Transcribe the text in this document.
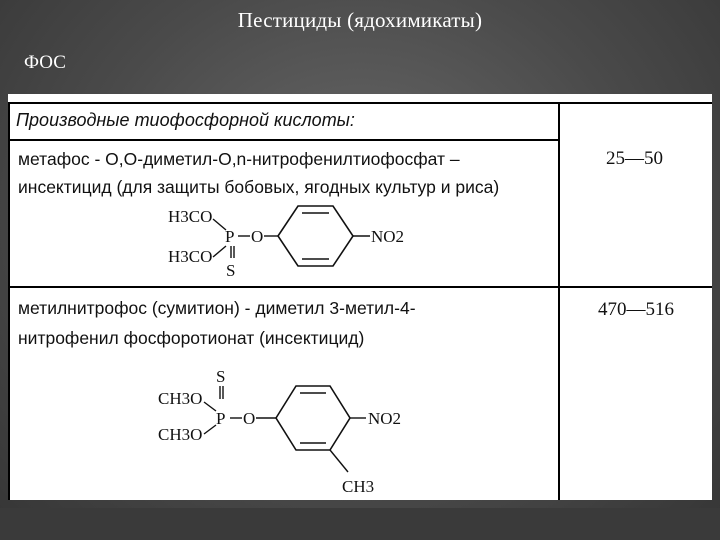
Пестициды (ядохимикаты)
ФОС
Производные тиофосфорной кислоты:
метафос - O,O-диметил-O,n-нитрофенилтиофосфат –
инсектицид (для защиты бобовых, ягодных культур и риса)
25—50
H3CO
H3CO
P O
S
NO2
метилнитрофос (сумитион) - диметил 3-метил-4-
нитрофенил фосфоротионат (инсектицид)
470—516
S
CH3O
CH3O
P O	NO2
CH3
